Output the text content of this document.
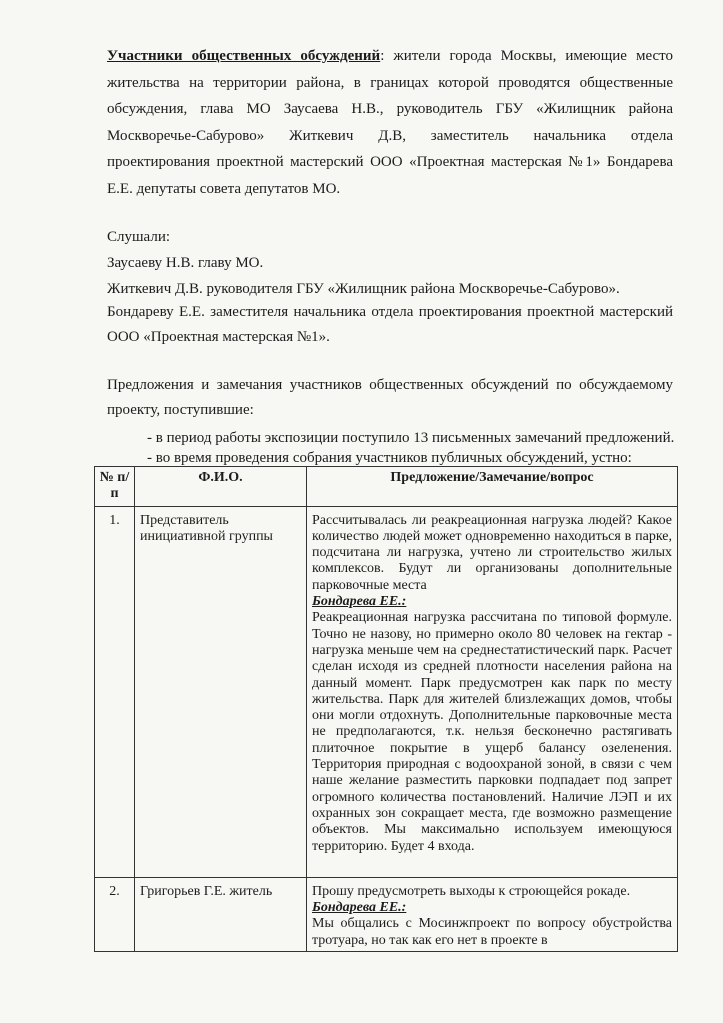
Участники общественных обсуждений: жители города Москвы, имеющие место жительства на территории района, в границах которой проводятся общественные обсуждения, глава МО Заусаева Н.В., руководитель ГБУ «Жилищник района Москворечье-Сабурово» Житкевич Д.В, заместитель начальника отдела проектирования проектной мастерский ООО «Проектная мастерская №1» Бондарева Е.Е. депутаты совета депутатов МО.
Слушали:
Заусаеву Н.В. главу МО.
Житкевич Д.В. руководителя ГБУ «Жилищник района Москворечье-Сабурово».
Бондареву Е.Е. заместителя начальника отдела проектирования проектной мастерский ООО «Проектная мастерская №1».
Предложения и замечания участников общественных обсуждений по обсуждаемому проекту, поступившие:
- в период работы экспозиции поступило 13 письменных замечаний предложений.
- во время проведения собрания участников публичных обсуждений, устно:
№ п/п	Ф.И.О.	Предложение/Замечание/вопрос
1.	Представитель инициативной группы	Рассчитывалась ли реакреационная нагрузка людей? Какое количество людей может одновременно находиться в парке, подсчитана ли нагрузка, учтено ли строительство жилых комплексов. Будут ли организованы дополнительные парковочные места
Бондарева ЕЕ.:
Реакреационная нагрузка рассчитана по типовой формуле. Точно не назову, но примерно около 80 человек на гектар - нагрузка меньше чем на среднестатистический парк. Расчет сделан исходя из средней плотности населения района на данный момент. Парк предусмотрен как парк по месту жительства. Парк для жителей близлежащих домов, чтобы они могли отдохнуть. Дополнительные парковочные места не предполагаются, т.к. нельзя бесконечно растягивать плиточное покрытие в ущерб балансу озеленения. Территория природная с водоохраной зоной, в связи с чем наше желание разместить парковки подпадает под запрет огромного количества постановлений. Наличие ЛЭП и их охранных зон сокращает места, где возможно размещение объектов. Мы максимально используем имеющуюся территорию. Будет 4 входа.

2.	Григорьев Г.Е. житель	Прошу предусмотреть выходы к строющейся рокаде.
Бондарева ЕЕ.:
Мы общались с Мосинжпроект по вопросу обустройства тротуара, но так как его нет в проекте в
